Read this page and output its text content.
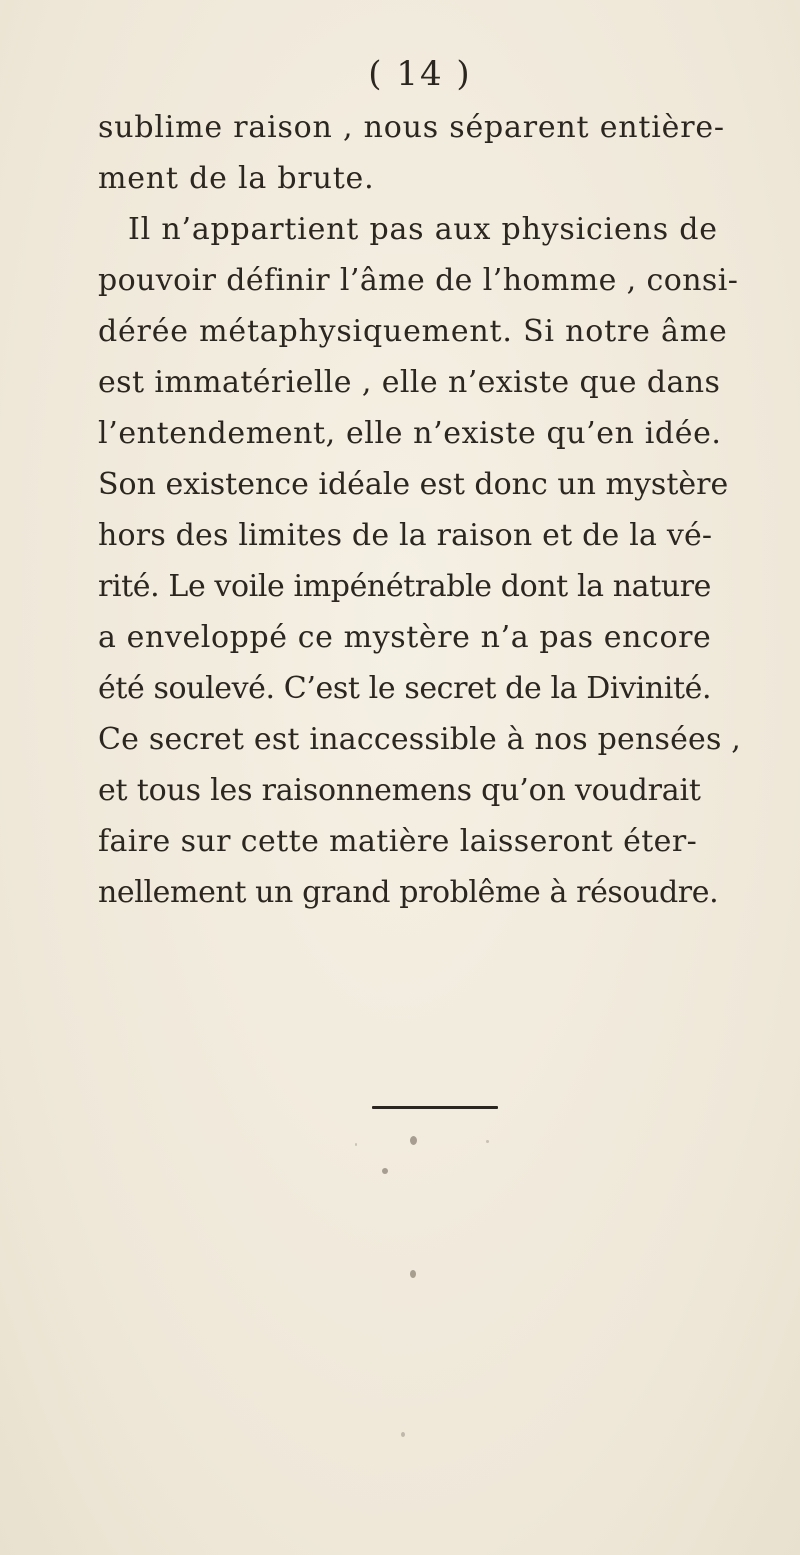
( 14 )
sublime raison , nous séparent entière-
ment de la brute.
Il n’appartient pas aux physiciens de
pouvoir définir l’âme de l’homme , consi-
dérée métaphysiquement. Si notre âme
est immatérielle , elle n’existe que dans
l’entendement, elle n’existe qu’en idée.
Son existence idéale est donc un mystère
hors des limites de la raison et de la vé-
rité. Le voile impénétrable dont la nature
a enveloppé ce mystère n’a pas encore
été soulevé. C’est le secret de la Divinité.
Ce secret est inaccessible à nos pensées ,
et tous les raisonnemens qu’on voudrait
faire sur cette matière laisseront éter-
nellement un grand problême à résoudre.
